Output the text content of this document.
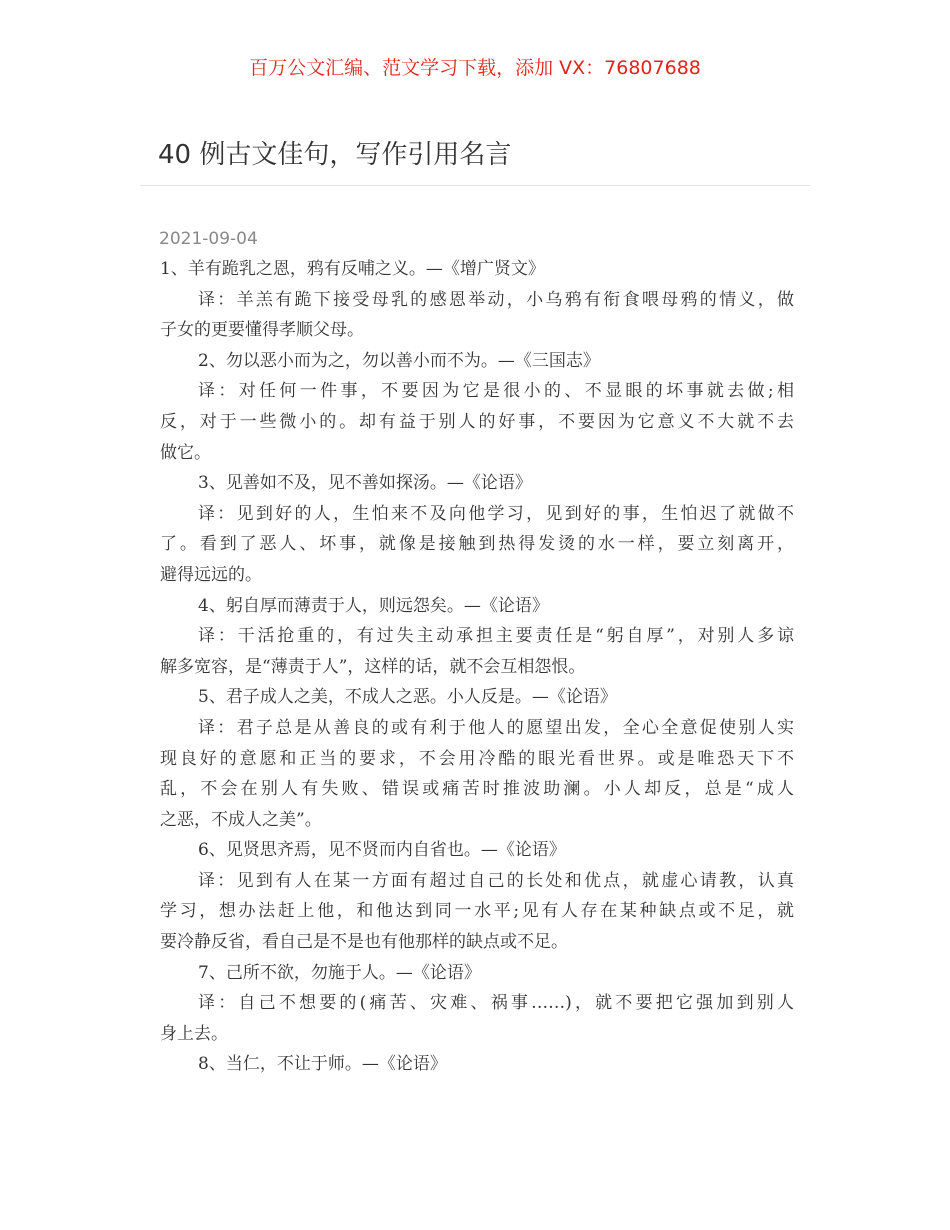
百万公文汇编、范文学习下载，添加 VX：76807688
40 例古文佳句，写作引用名言
2021-09-04
1、羊有跪乳之恩，鸦有反哺之义。—《增广贤文》
译：羊羔有跪下接受母乳的感恩举动，小乌鸦有衔食喂母鸦的情义，做
子女的更要懂得孝顺父母。
2、勿以恶小而为之，勿以善小而不为。—《三国志》
译：对任何一件事，不要因为它是很小的、不显眼的坏事就去做;相
反，对于一些微小的。却有益于别人的好事，不要因为它意义不大就不去
做它。
3、见善如不及，见不善如探汤。—《论语》
译：见到好的人，生怕来不及向他学习，见到好的事，生怕迟了就做不
了。看到了恶人、坏事，就像是接触到热得发烫的水一样，要立刻离开，
避得远远的。
4、躬自厚而薄责于人，则远怨矣。—《论语》
译：干活抢重的，有过失主动承担主要责任是“躬自厚”，对别人多谅
解多宽容，是“薄责于人”，这样的话，就不会互相怨恨。
5、君子成人之美，不成人之恶。小人反是。—《论语》
译：君子总是从善良的或有利于他人的愿望出发，全心全意促使别人实
现良好的意愿和正当的要求，不会用冷酷的眼光看世界。或是唯恐天下不
乱，不会在别人有失败、错误或痛苦时推波助澜。小人却反，总是“成人
之恶，不成人之美”。
6、见贤思齐焉，见不贤而内自省也。—《论语》
译：见到有人在某一方面有超过自己的长处和优点，就虚心请教，认真
学习，想办法赶上他，和他达到同一水平;见有人存在某种缺点或不足，就
要冷静反省，看自己是不是也有他那样的缺点或不足。
7、己所不欲，勿施于人。—《论语》
译：自己不想要的(痛苦、灾难、祸事……)，就不要把它强加到别人
身上去。
8、当仁，不让于师。—《论语》
